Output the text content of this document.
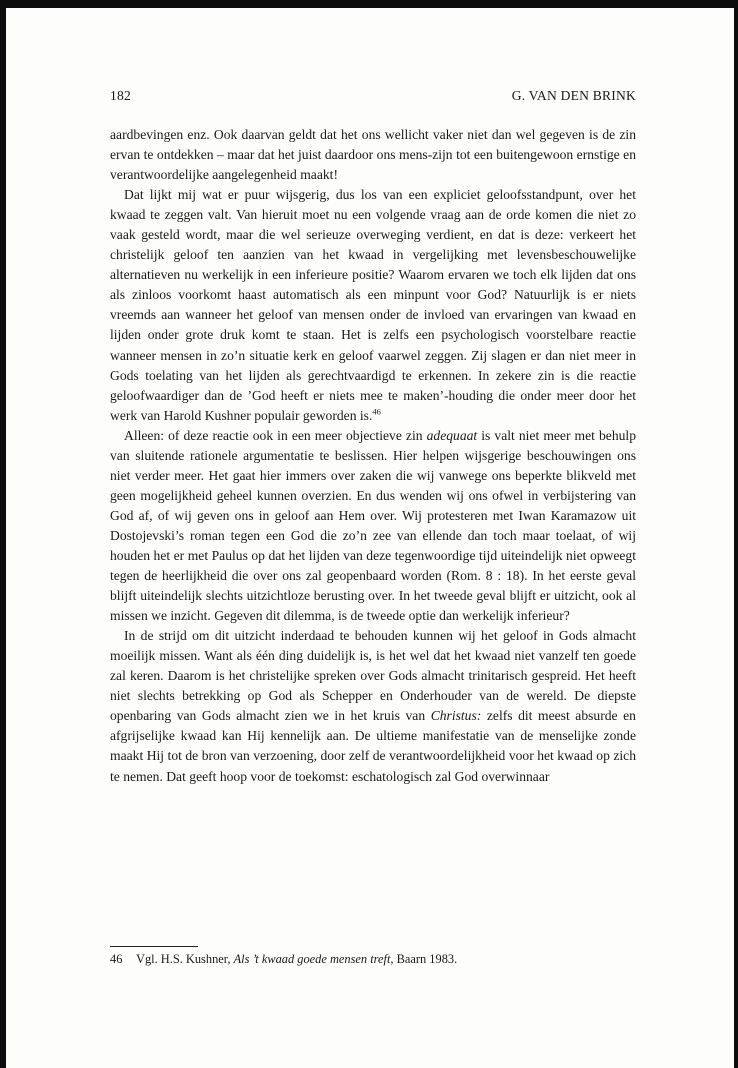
182	G. VAN DEN BRINK

aardbevingen enz. Ook daarvan geldt dat het ons wellicht vaker niet dan wel gegeven is de zin ervan te ontdekken – maar dat het juist daardoor ons mens-zijn tot een buitengewoon ernstige en verantwoordelijke aangelegenheid maakt!

Dat lijkt mij wat er puur wijsgerig, dus los van een expliciet geloofsstandpunt, over het kwaad te zeggen valt. Van hieruit moet nu een volgende vraag aan de orde komen die niet zo vaak gesteld wordt, maar die wel serieuze overweging verdient, en dat is deze: verkeert het christelijk geloof ten aanzien van het kwaad in vergelijking met levensbeschouwelijke alternatieven nu werkelijk in een inferieure positie? Waarom ervaren we toch elk lijden dat ons als zinloos voorkomt haast automatisch als een minpunt voor God? Natuurlijk is er niets vreemds aan wanneer het geloof van mensen onder de invloed van ervaringen van kwaad en lijden onder grote druk komt te staan. Het is zelfs een psychologisch voorstelbare reactie wanneer mensen in zo’n situatie kerk en geloof vaarwel zeggen. Zij slagen er dan niet meer in Gods toelating van het lijden als gerechtvaardigd te erkennen. In zekere zin is die reactie geloofwaardiger dan de ’God heeft er niets mee te maken’-houding die onder meer door het werk van Harold Kushner populair geworden is.$^{46}$

Alleen: of deze reactie ook in een meer objectieve zin adequaat is valt niet meer met behulp van sluitende rationele argumentatie te beslissen. Hier helpen wijsgerige beschouwingen ons niet verder meer. Het gaat hier immers over zaken die wij vanwege ons beperkte blikveld met geen mogelijkheid geheel kunnen overzien. En dus wenden wij ons ofwel in verbijstering van God af, of wij geven ons in geloof aan Hem over. Wij protesteren met Iwan Karamazow uit Dostojevski’s roman tegen een God die zo’n zee van ellende dan toch maar toelaat, of wij houden het er met Paulus op dat het lijden van deze tegenwoordige tijd uiteindelijk niet opweegt tegen de heerlijkheid die over ons zal geopenbaard worden (Rom. 8 : 18). In het eerste geval blijft uiteindelijk slechts uitzichtloze berusting over. In het tweede geval blijft er uitzicht, ook al missen we inzicht. Gegeven dit dilemma, is de tweede optie dan werkelijk inferieur?

In de strijd om dit uitzicht inderdaad te behouden kunnen wij het geloof in Gods almacht moeilijk missen. Want als één ding duidelijk is, is het wel dat het kwaad niet vanzelf ten goede zal keren. Daarom is het christelijke spreken over Gods almacht trinitarisch gespreid. Het heeft niet slechts betrekking op God als Schepper en Onderhouder van de wereld. De diepste openbaring van Gods almacht zien we in het kruis van Christus: zelfs dit meest absurde en afgrijselijke kwaad kan Hij kennelijk aan. De ultieme manifestatie van de menselijke zonde maakt Hij tot de bron van verzoening, door zelf de verantwoordelijkheid voor het kwaad op zich te nemen. Dat geeft hoop voor de toekomst: eschatologisch zal God overwinnaar

46 Vgl. H.S. Kushner, Als ’t kwaad goede mensen treft, Baarn 1983.
